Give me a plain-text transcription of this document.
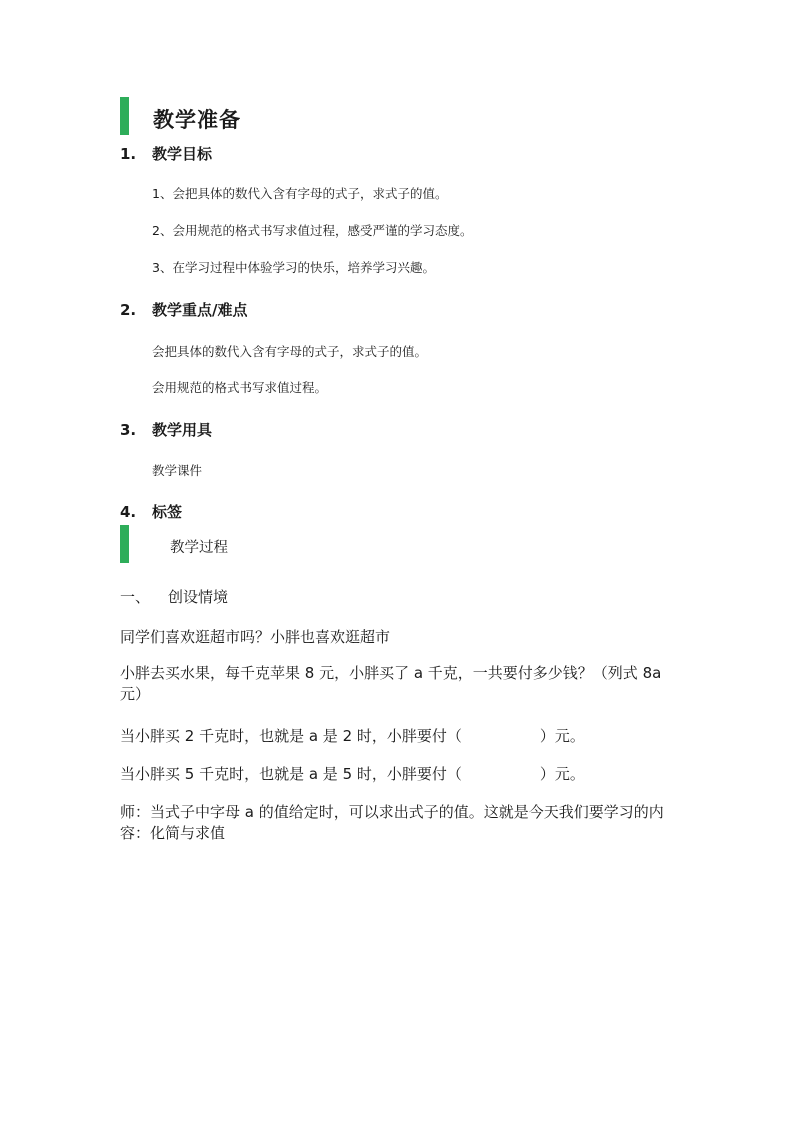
教学准备
1. 教学目标
1、会把具体的数代入含有字母的式子，求式子的值。
2、会用规范的格式书写求值过程，感受严谨的学习态度。
3、在学习过程中体验学习的快乐，培养学习兴趣。
2. 教学重点/难点
会把具体的数代入含有字母的式子，求式子的值。
会用规范的格式书写求值过程。
3. 教学用具
教学课件
4. 标签
教学过程
一、 创设情境
同学们喜欢逛超市吗？小胖也喜欢逛超市
小胖去买水果，每千克苹果 8 元，小胖买了 a 千克，一共要付多少钱？（列式 8a 元）
当小胖买 2 千克时，也就是 a 是 2 时，小胖要付（	）元。
当小胖买 5 千克时，也就是 a 是 5 时，小胖要付（	）元。
师：当式子中字母 a 的值给定时，可以求出式子的值。这就是今天我们要学习的内容：化简与求值
